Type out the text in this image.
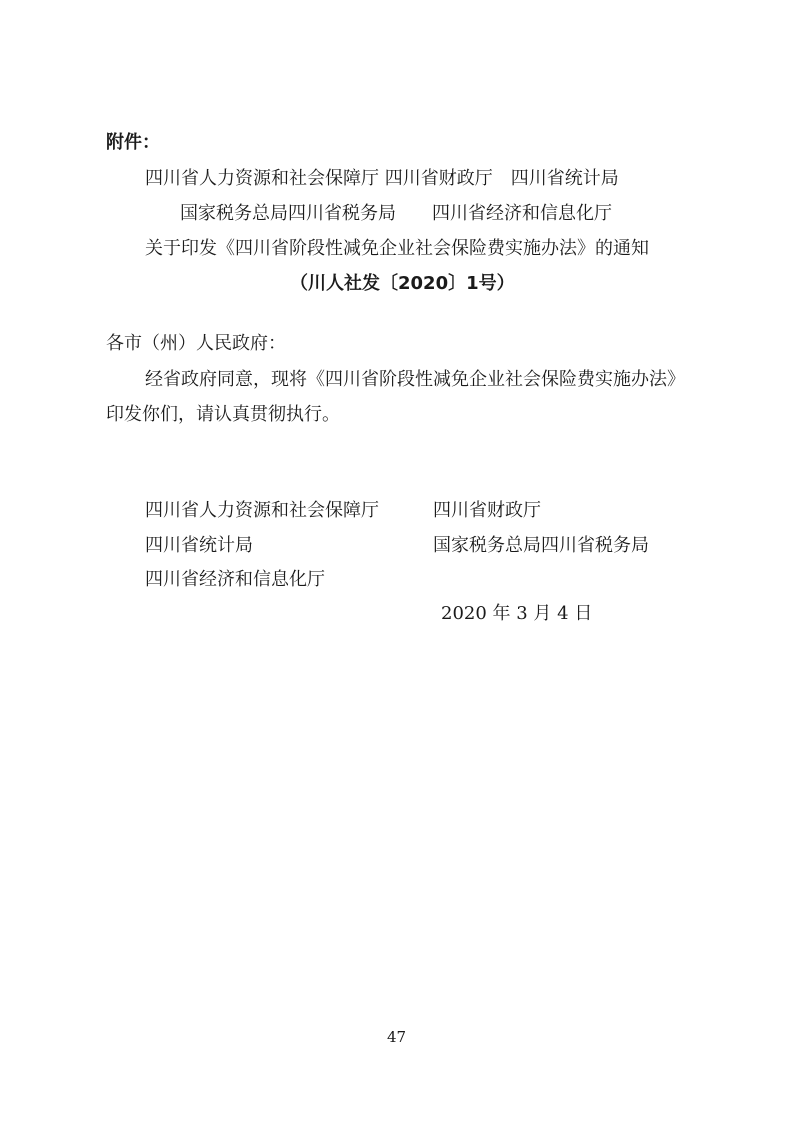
附件：
四川省人力资源和社会保障厅 四川省财政厅　四川省统计局
国家税务总局四川省税务局　　四川省经济和信息化厅
关于印发《四川省阶段性减免企业社会保险费实施办法》的通知
（川人社发〔2020〕1号）
各市（州）人民政府：
经省政府同意，现将《四川省阶段性减免企业社会保险费实施办法》
印发你们，请认真贯彻执行。
四川省人力资源和社会保障厅	四川省财政厅
四川省统计局	国家税务总局四川省税务局
四川省经济和信息化厅
2020 年 3 月 4 日
47
